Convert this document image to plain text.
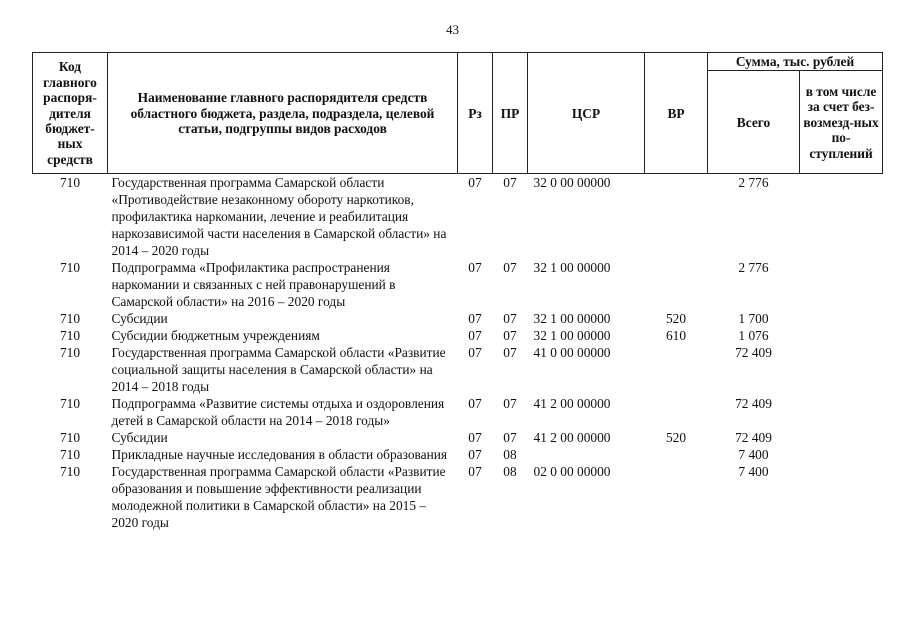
43
Код главного распоря-дителя бюджет-ных средств	Наименование главного распорядителя средств областного бюджета, раздела, подраздела, целевой статьи, подгруппы видов расходов	Рз	ПР	ЦСР	ВР	Сумма, тыс. рублей	
						Всего	в том числе за счет без-возмезд-ных по-ступлений
710	Государственная программа Самарской области «Противодействие незаконному обороту наркотиков, профилактика наркомании, лечение и реабилитация наркозависимой части населения в Самарской области» на 2014 – 2020 годы	07	07	32 0 00 00000		2 776	
710	Подпрограмма «Профилактика распространения наркомании и связанных с ней правонарушений в Самарской области» на 2016 – 2020 годы	07	07	32 1 00 00000		2 776	
710	Субсидии	07	07	32 1 00 00000	520	1 700	
710	Субсидии бюджетным учреждениям	07	07	32 1 00 00000	610	1 076	
710	Государственная программа Самарской области «Развитие социальной защиты населения в Самарской области» на 2014 – 2018 годы	07	07	41 0 00 00000		72 409	
710	Подпрограмма «Развитие системы отдыха и оздоровления детей в Самарской области на 2014 – 2018 годы»	07	07	41 2 00 00000		72 409	
710	Субсидии	07	07	41 2 00 00000	520	72 409	
710	Прикладные научные исследования в области образования	07	08			7 400	
710	Государственная программа Самарской области «Развитие образования и повышение эффективности реализации молодежной политики в Самарской области» на 2015 – 2020 годы	07	08	02 0 00 00000		7 400	
